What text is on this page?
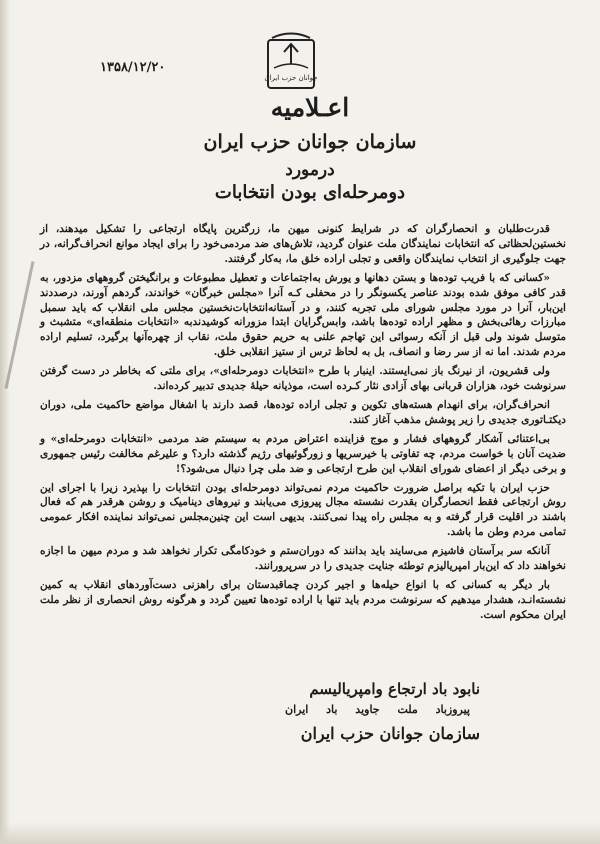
۱۳۵۸/۱۲/۲۰
جوانان حزب ایران
اعـلامیه
سازمان جوانان حزب ایران
درمورد
دومرحله‌ای بودن انتخابات

قدرت‌طلبان و انحصارگران که در شرایط کنونی میهن ما، زرگترین پایگاه ارتجاعی را تشکیل میدهند، از نخستین‌لحظاتی که انتخابات نمایندگان ملت عنوان گردید، تلاش‌های ضد مردمی‌خود را برای ایجاد موانع انحراف‌گرانه، در جهت جلوگیری از انتخاب نمایندگان واقعی و تجلی اراده خلق ما، به‌کار گرفتند.

«کسانی که با فریب توده‌ها و بستن دهانها و یورش به‌اجتماعات و تعطیل مطبوعات و برانگیختن گروههای مزدور، به قدر کافی موفق شده بودند عناصر یکسونگر را در محفلی کـه آنرا «مجلس خبرگان» خواندند، گردهم آورند، درصددند این‌بار، آنرا در مورد مجلس شورای ملی تجربه کنند، و در آستانه‌انتخابات‌نخستین مجلس ملی انقلاب که باید سمبل مبارزات رهائی‌بخش و مظهر اراده توده‌ها باشد، وابس‌گرایان ابتدا مزورانه کوشیدندبه «انتخابات منطقه‌ای» متشبث و متوسل شوند ولی قبل از آنکه رسوائی این تهاجم علنی به حریم حقوق ملت، نقاب از چهره‌آنها برگیرد، تسلیم اراده مردم شدند. اما نه از سر رضا و انصاف، بل به لحاظ ترس از ستیز انقلابی خلق.

ولی قشریون، از نیرنگ باز نمی‌ایستند. اینبار با طرح «انتخابات دومرحله‌ای»، برای ملتی که بخاطر در دست گرفتن سرنوشت خود، هزاران قربانی بهای آزادی نثار کـرده است، موذیانه حیلهٔ جدیدی تدبیر کرده‌اند.

انحراف‌گران، برای انهدام هسته‌های تکوین و تجلی اراده توده‌ها، قصد دارند با اشغال مواضع حاکمیت ملی، دوران دیکتـاتوری جدیدی را زیر پوشش مذهب آغاز کنند.

بی‌اعتنائی آشکار گروههای فشار و موج فزاینده اعتراض مردم به سیستم ضد مردمی «انتخابات دومرحله‌ای» و ضدیت آنان با خواست مردم، چه تفاوتی با خیرسریها و زورگوئیهای رژیم گذشته دارد؟ و علیرغم مخالفت رئیس جمهوری و برخی دیگر از اعضای شورای انقلاب این طرح ارتجاعی و ضد ملی چرا دنبال می‌شود؟!

حزب ایران با تکیه براصل ضرورت حاکمیت مردم نمی‌تواند دومرحله‌ای بودن انتخابات را بپذیرد زیرا با اجرای این روش ارتجاعی فقط انحصارگران بقدرت نشسته مجال پیروزی می‌یابند و نیروهای دینامیک و روشن هرقدر هم که فعال باشند در اقلیت قرار گرفته و به مجلس راه پیدا نمی‌کنند. بدیهی است این چنین‌مجلس نمی‌تواند نماینده افکار عمومی تمامی مردم وطن ما باشد.

آنانکه سر برآستان فاشیزم می‌سایند باید بدانند که دوران‌ستم و خودکامگی تکرار نخواهد شد و مردم میهن ما اجازه نخواهند داد که این‌بار امپریالیزم توطئه جنایت جدیدی را در سرپرورانند.

بار دیگر به کسانی که با انواع حیله‌ها و اجیر کردن چماقبدستان برای راهزنی دست‌آوردهای انقلاب به کمین نشسته‌انـد، هشدار میدهیم که سرنوشت مردم باید تنها با اراده توده‌ها تعیین گردد و هرگونه روش انحصاری از نظر ملت ایران محکوم است.

نابود باد ارتجاع وامپریالیسم

پیروزباد ملت جاوید باد ایران

سازمان جوانان حزب ایران
